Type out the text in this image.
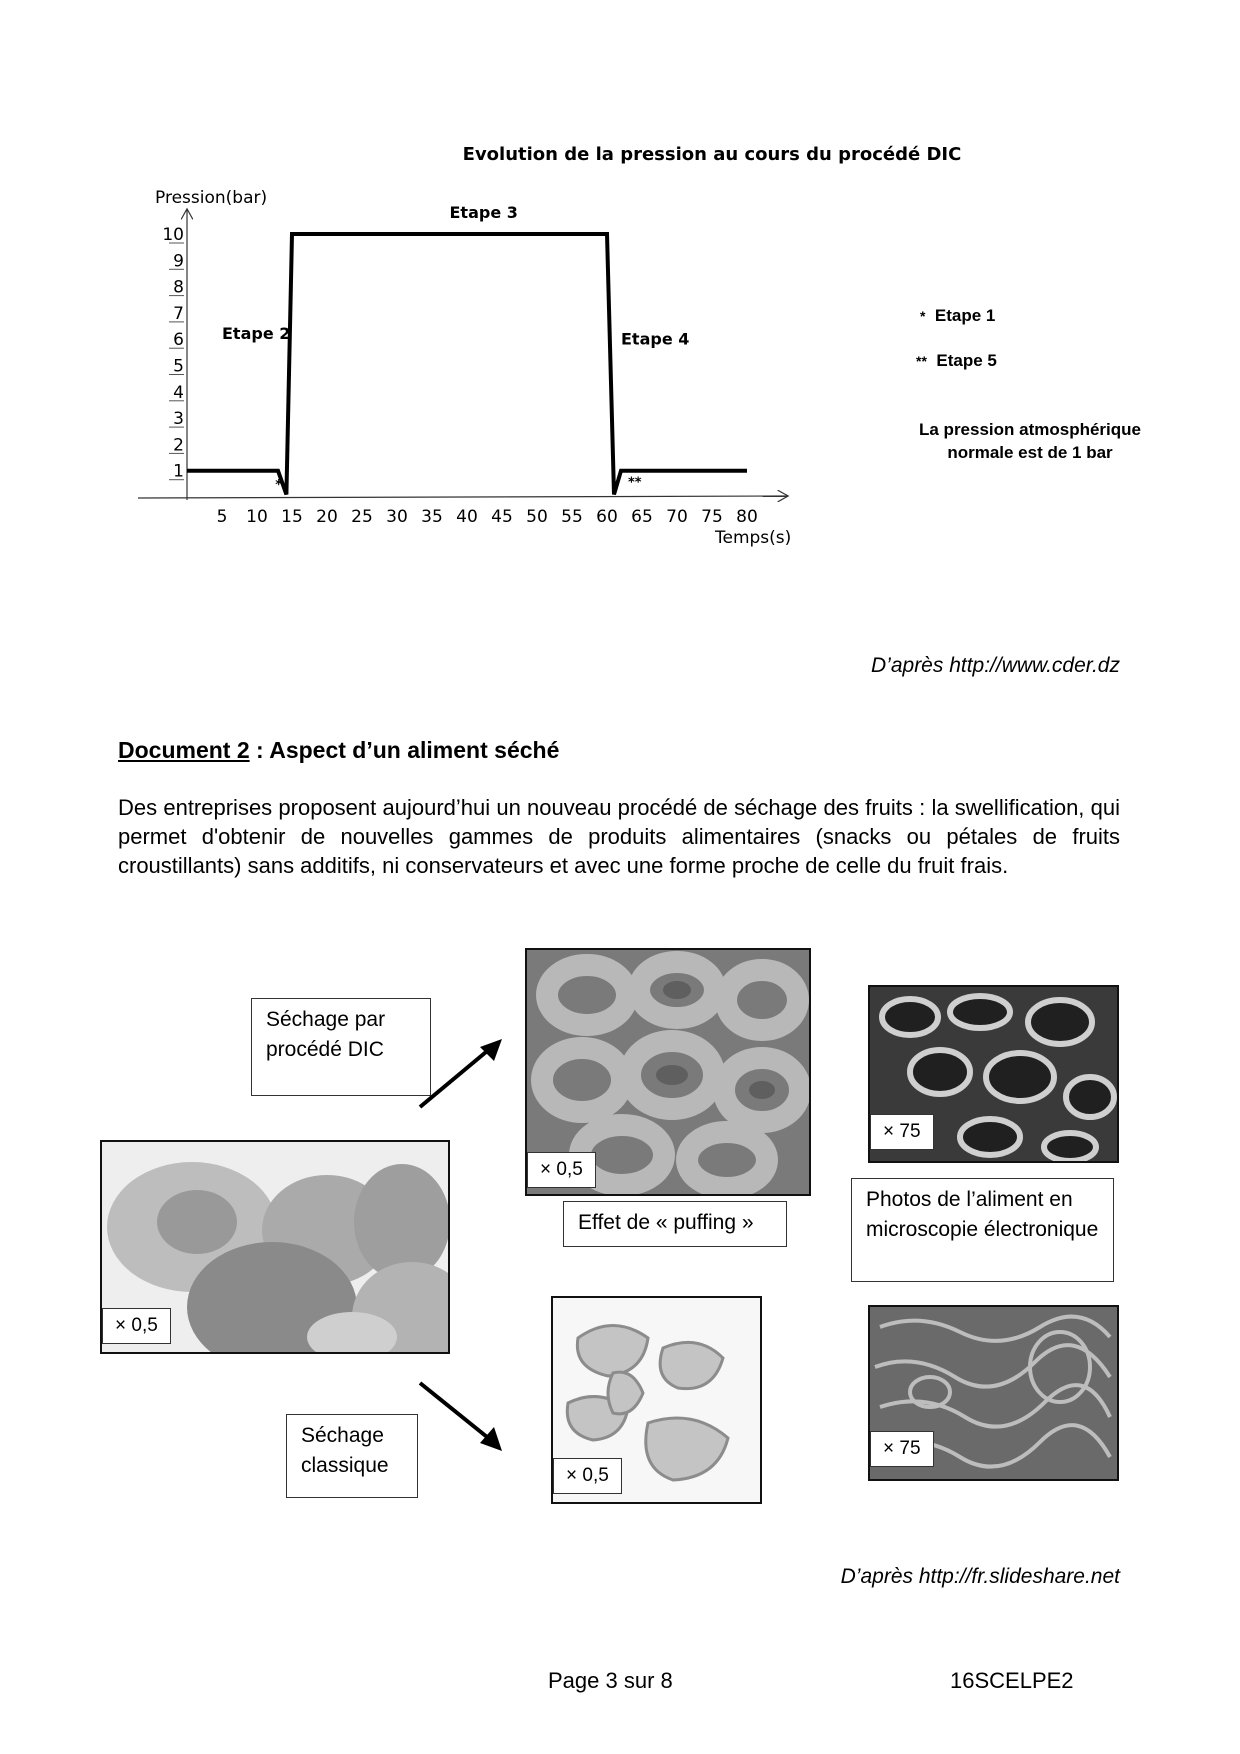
Evolution de la pression au cours du procédé DIC
Pression(bar)
Temps(s)
1
2
3
4
5
6
7
8
9
10
5 10 15 20 25 30 35 40 45 50 55 60 65 70 75 80
Etape 2
Etape 3
Etape 4
*	**
* Etape 1
** Etape 5
La pression atmosphérique
normale est de 1 bar
D’après http://www.cder.dz
Document 2 : Aspect d’un aliment séché
Des entreprises proposent aujourd’hui un nouveau procédé de séchage des fruits : la swellification, qui permet d'obtenir de nouvelles gammes de produits alimentaires (snacks ou pétales de fruits croustillants) sans additifs, ni conservateurs et avec une forme proche de celle du fruit frais.
Séchage par procédé DIC
× 0,5
Séchage classique
× 0,5
Effet de « puffing »
× 0,5
× 75
Photos de l’aliment en microscopie électronique
× 75
D’après http://fr.slideshare.net
Page 3 sur 8	16SCELPE2
